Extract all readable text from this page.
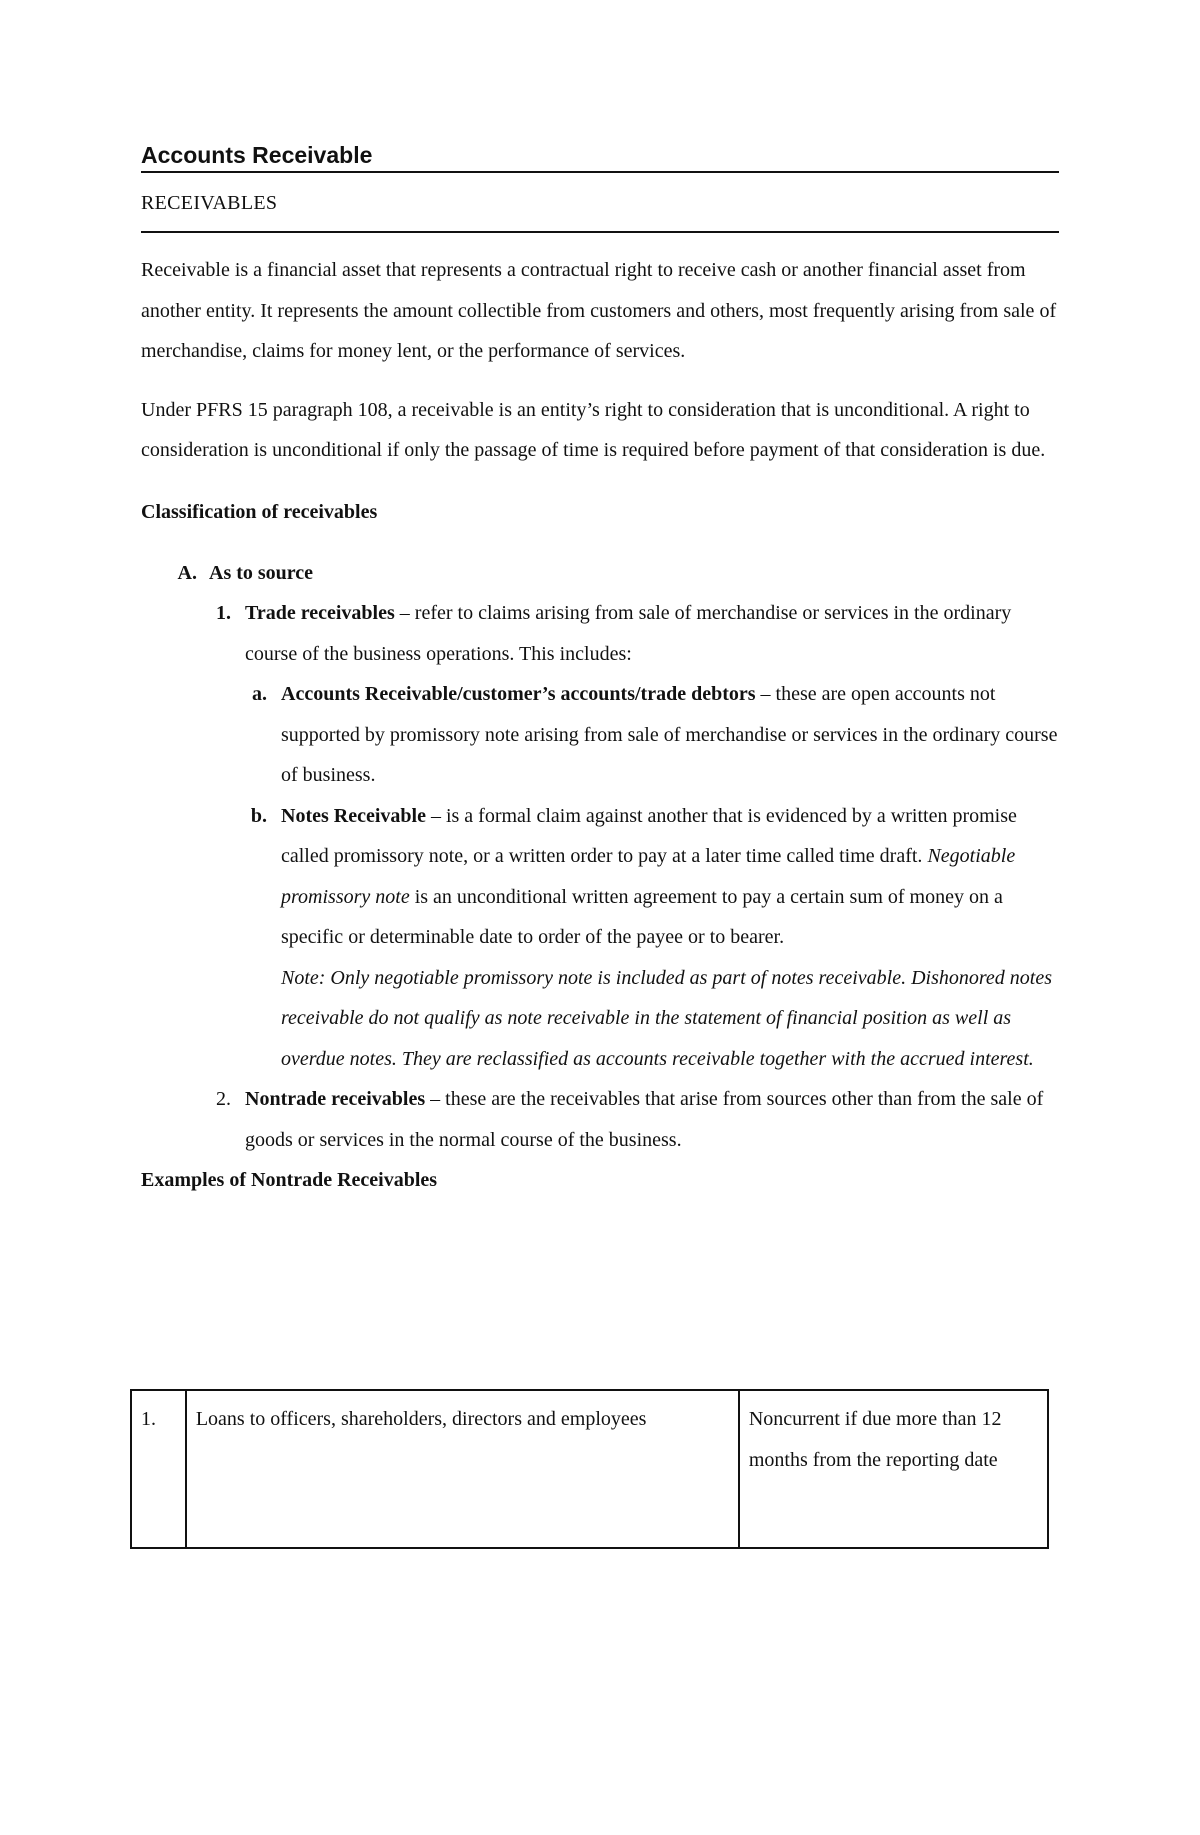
Accounts Receivable
RECEIVABLES

Receivable is a financial asset that represents a contractual right to receive cash or another financial asset from another entity. It represents the amount collectible from customers and others, most frequently arising from sale of merchandise, claims for money lent, or the performance of services.

Under PFRS 15 paragraph 108, a receivable is an entity’s right to consideration that is unconditional. A right to consideration is unconditional if only the passage of time is required before payment of that consideration is due.

Classification of receivables
A. As to source
1. Trade receivables – refer to claims arising from sale of merchandise or services in the ordinary course of the business operations. This includes:
a. Accounts Receivable/customer’s accounts/trade debtors – these are open accounts not supported by promissory note arising from sale of merchandise or services in the ordinary course of business.
b. Notes Receivable – is a formal claim against another that is evidenced by a written promise called promissory note, or a written order to pay at a later time called time draft. Negotiable promissory note is an unconditional written agreement to pay a certain sum of money on a specific or determinable date to order of the payee or to bearer.
Note: Only negotiable promissory note is included as part of notes receivable. Dishonored notes receivable do not qualify as note receivable in the statement of financial position as well as overdue notes. They are reclassified as accounts receivable together with the accrued interest.
2. Nontrade receivables – these are the receivables that arise from sources other than from the sale of goods or services in the normal course of the business.
Examples of Nontrade Receivables
1.	Loans to officers, shareholders, directors and employees	Noncurrent if due more than 12 months from the reporting date
